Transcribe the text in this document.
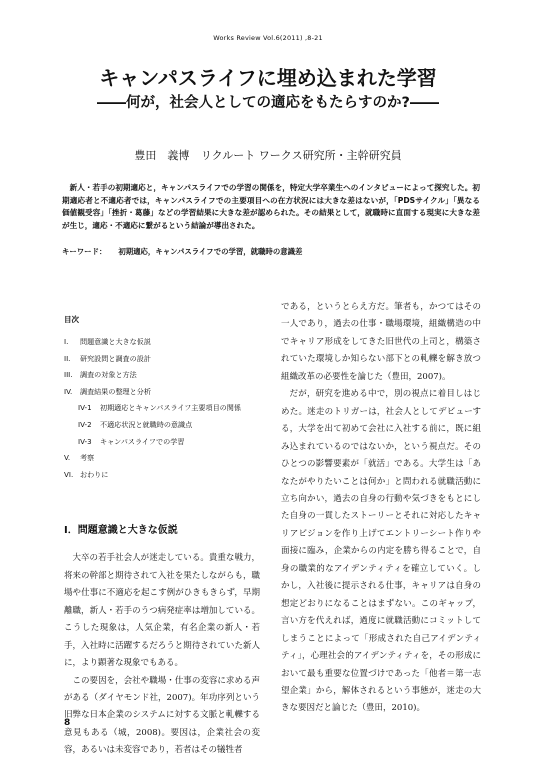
Works Review Vol.6(2011) ,8-21
キャンパスライフに埋め込まれた学習
――何が，社会人としての適応をもたらすのか?――
豊田　義博 リクルート ワークス研究所・主幹研究員
新人・若手の初期適応と，キャンパスライフでの学習の関係を，特定大学卒業生へのインタビューによって探究した。初期適応者と不適応者では，キャンパスライフでの主要項目への在方状況には大きな差はないが，「PDSサイクル」「異なる価値観受容」「挫折・葛藤」などの学習結果に大きな差が認められた。その結果として，就職時に直面する現実に大きな差が生じ，適応・不適応に繋がるという結論が導出された。
キーワード： 初期適応，キャンパスライフでの学習，就職時の意識差
目次
I. 問題意識と大きな仮説
II. 研究設問と調査の設計
III. 調査の対象と方法
IV. 調査結果の整理と分析
IV-1 初期適応とキャンパスライフ主要項目の関係
IV-2 不適応状況と就職時の意識点
IV-3 キャンパスライフでの学習
V. 考察
VI. おわりに
I．問題意識と大きな仮説

大卒の若手社会人が迷走している。貴重な戦力，将来の幹部と期待されて入社を果たしながらも，職場や仕事に不適応を起こす例がひきもきらず，早期離職，新人・若手のうつ病発症率は増加している。こうした現象は，人気企業，有名企業の新人・若手，入社時に活躍するだろうと期待されていた新人に，より顕著な現象でもある。

この要因を，会社や職場・仕事の変容に求める声がある（ダイヤモンド社，2007)。年功序列という旧弊な日本企業のシステムに対する文脈と軋轢する意見もある（城，2008)。要因は，企業社会の変容，あるいは未変容であり，若者はその犠牲者

である，というとらえ方だ。筆者も，かつてはその一人であり，過去の仕事・職場環境，組織構造の中でキャリア形成をしてきた旧世代の上司と，構築されていた環境しか知らない部下との軋轢を解き放つ組織改革の必要性を論じた（豊田，2007)。

だが，研究を進める中で，別の視点に着目しはじめた。迷走のトリガーは，社会人としてデビューする，大学を出て初めて会社に入社する前に，既に組み込まれているのではないか，という視点だ。そのひとつの影響要素が「就活」である。大学生は「あなたがやりたいことは何か」と問われる就職活動に立ち向かい，過去の自身の行動や気づきをもとにした自身の一貫したストーリーとそれに対応したキャリアビジョンを作り上げてエントリーシート作りや面接に臨み，企業からの内定を勝ち得ることで，自身の職業的なアイデンティティを確立していく。しかし，入社後に提示される仕事，キャリアは自身の想定どおりになることはまずない。このギャップ，言い方を代えれば，過度に就職活動にコミットしてしまうことによって「形成された自己アイデンティティ」，心理社会的アイデンティティを，その形成において最も重要な位置づけであった「他者＝第一志望企業」から，解体されるという事態が，迷走の大きな要因だと論じた（豊田，2010)。

8
